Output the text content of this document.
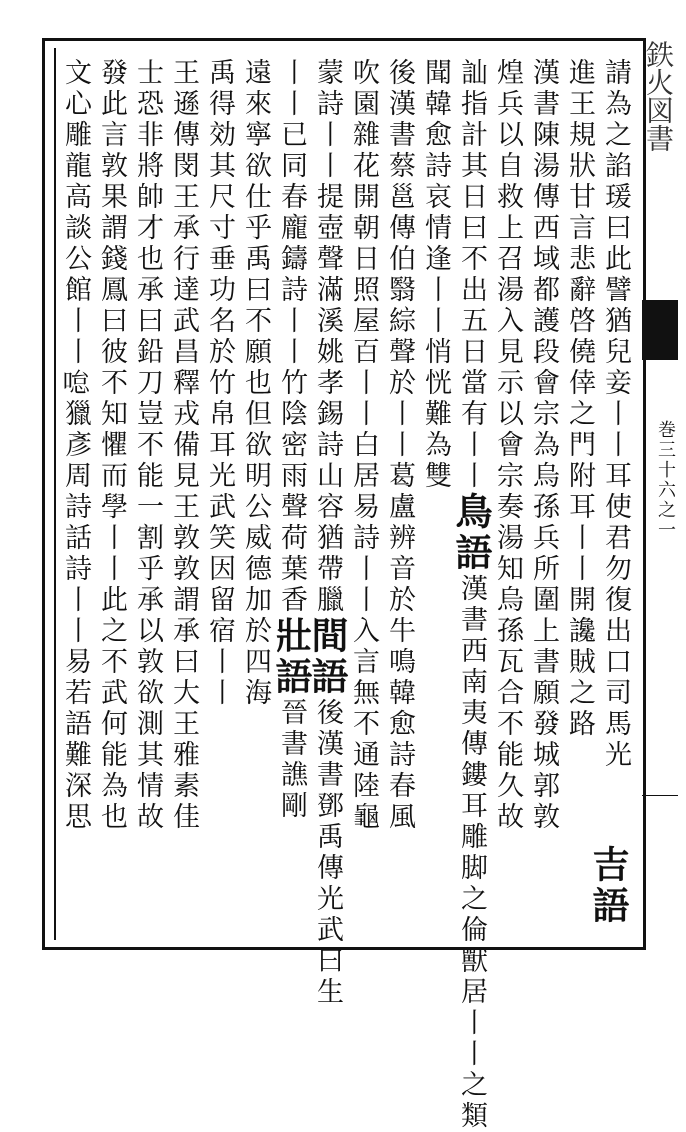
鉄火図書
巻三十六之一
請為之諂瑗曰此譬猶兒妾丨丨耳使君勿復出口司馬光
進王規狀甘言悲辭啓僥倖之門附耳丨丨開讒賊之路
漢書陳湯傳西域都護段會宗為烏孫兵所圍上書願發城郭敦
煌兵以自救上召湯入見示以會宗奏湯知烏孫瓦合不能久故
訕指計其日曰不出五日當有丨丨鳥語漢書西南夷傳鏤耳雕脚之倫獸居丨丨之類
聞韓愈詩哀情逢丨丨悄恍難為雙
後漢書蔡邕傳伯翳綜聲於丨丨葛盧辨音於牛鳴韓愈詩春風
吹園雜花開朝日照屋百丨丨白居易詩丨丨入言無不通陸龜
蒙詩丨丨提壺聲滿溪姚孝錫詩山容猶帶臘間語後漢書鄧禹傳光武曰生
丨丨已同春龐鑄詩丨丨竹陰密雨聲荷葉香壯語晉書譙剛
遠來寧欲仕乎禹曰不願也但欲明公威德加於四海
禹得効其尺寸垂功名於竹帛耳光武笑因留宿丨丨
王遜傳閔王承行達武昌釋戎備見王敦敦謂承曰大王雅素佳
士恐非將帥才也承曰鉛刀豈不能一割乎承以敦欲測其情故
發此言敦果謂錢鳳曰彼不知懼而學丨丨此之不武何能為也
文心雕龍高談公館丨丨𠷂獵彥周詩話詩丨丨易若語難深思
吉語
